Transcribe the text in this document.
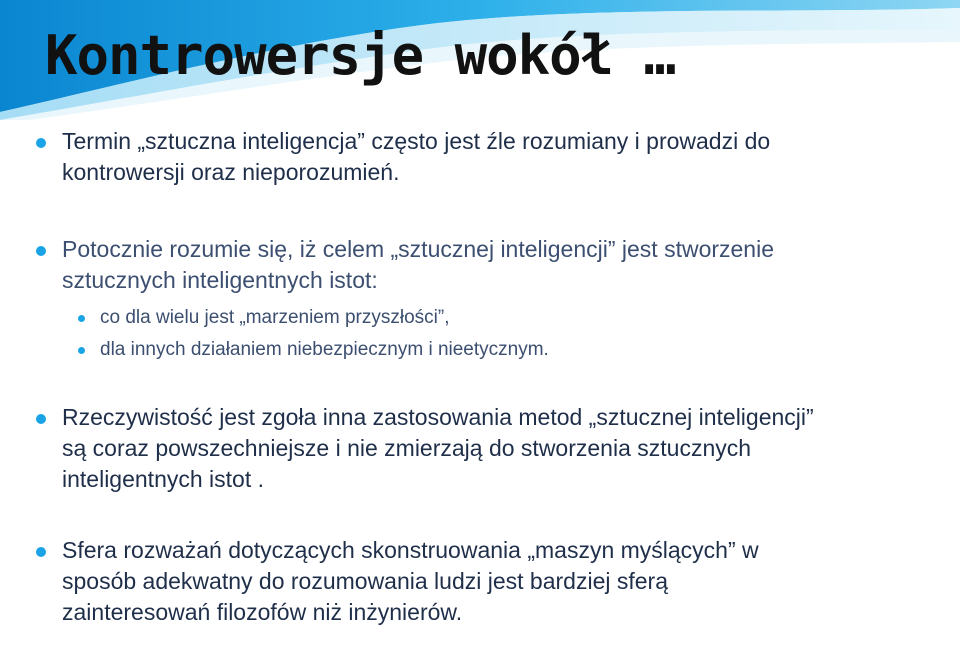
Kontrowersje wokół …
Termin „sztuczna inteligencja” często jest źle rozumiany i prowadzi do
kontrowersji oraz nieporozumień.
Potocznie rozumie się, iż celem „sztucznej inteligencji” jest stworzenie
sztucznych inteligentnych istot:
co dla wielu jest „marzeniem przyszłości”,
dla innych działaniem niebezpiecznym i nieetycznym.
Rzeczywistość jest zgoła inna zastosowania metod „sztucznej inteligencji”
są coraz powszechniejsze i nie zmierzają do stworzenia sztucznych
inteligentnych istot .
Sfera rozważań dotyczących skonstruowania „maszyn myślących” w
sposób adekwatny do rozumowania ludzi jest bardziej sferą
zainteresowań filozofów niż inżynierów.
